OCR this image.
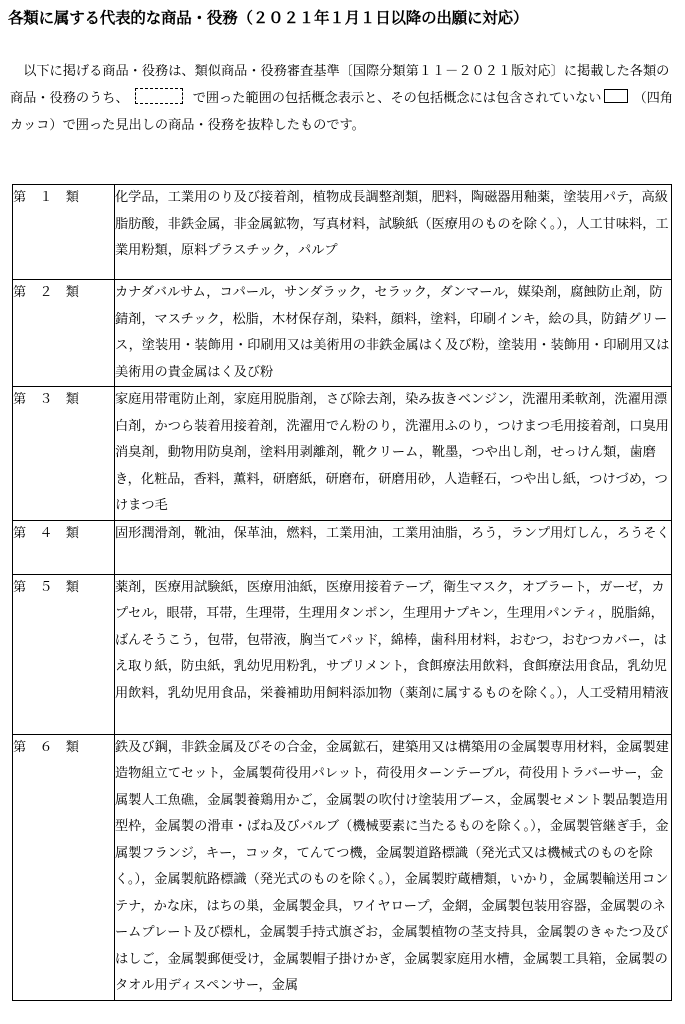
各類に属する代表的な商品・役務（２０２１年１月１日以降の出願に対応）
以下に掲げる商品・役務は、類似商品・役務審査基準〔国際分類第１１－２０２１版対応〕に掲載した各類の商品・役務のうち、	で囲った範囲の包括概念表示と、その包括概念には包含されていない （四角カッコ）で囲った見出しの商品・役務を抜粋したものです。
第　１　類	化学品，工業用のり及び接着剤，植物成長調整剤類，肥料，陶磁器用釉薬，塗装用パテ，高級脂肪酸，非鉄金属，非金属鉱物，写真材料，試験紙（医療用のものを除く。），人工甘味料，工業用粉類，原料プラスチック，パルプ
第　２　類	カナダバルサム，コパール，サンダラック，セラック，ダンマール，媒染剤，腐蝕防止剤，防錆剤，マスチック，松脂，木材保存剤，染料，顔料，塗料，印刷インキ，絵の具，防錆グリース，塗装用・装飾用・印刷用又は美術用の非鉄金属はく及び粉，塗装用・装飾用・印刷用又は美術用の貴金属はく及び粉
第　３　類	家庭用帯電防止剤，家庭用脱脂剤，さび除去剤，染み抜きベンジン，洗濯用柔軟剤，洗濯用漂白剤，かつら装着用接着剤，洗濯用でん粉のり，洗濯用ふのり，つけまつ毛用接着剤，口臭用消臭剤，動物用防臭剤，塗料用剥離剤，靴クリーム，靴墨，つや出し剤，せっけん類，歯磨き，化粧品，香料，薫料，研磨紙，研磨布，研磨用砂，人造軽石，つや出し紙，つけづめ，つけまつ毛
第　４　類	固形潤滑剤，靴油，保革油，燃料，工業用油，工業用油脂，ろう，ランプ用灯しん，ろうそく
第　５　類	薬剤，医療用試験紙，医療用油紙，医療用接着テープ，衛生マスク，オブラート，ガーゼ，カプセル，眼帯，耳帯，生理帯，生理用タンポン，生理用ナプキン，生理用パンティ，脱脂綿，ばんそうこう，包帯，包帯液，胸当てパッド，綿棒，歯科用材料，おむつ，おむつカバー，はえ取り紙，防虫紙，乳幼児用粉乳，サプリメント，食餌療法用飲料，食餌療法用食品，乳幼児用飲料，乳幼児用食品，栄養補助用飼料添加物（薬剤に属するものを除く。），人工受精用精液
第　６　類	鉄及び鋼，非鉄金属及びその合金，金属鉱石，建築用又は構築用の金属製専用材料，金属製建造物組立てセット，金属製荷役用パレット，荷役用ターンテーブル，荷役用トラバーサー，金属製人工魚礁，金属製養鶏用かご，金属製の吹付け塗装用ブース，金属製セメント製品製造用型枠，金属製の滑車・ばね及びバルブ（機械要素に当たるものを除く。），金属製管継ぎ手，金属製フランジ，キー，コッタ，てんてつ機，金属製道路標識（発光式又は機械式のものを除く。），金属製航路標識（発光式のものを除く。），金属製貯蔵槽類，いかり，金属製輸送用コンテナ，かな床，はちの巣，金属製金具，ワイヤロープ，金網，金属製包装用容器，金属製のネームプレート及び標札，金属製手持式旗ざお，金属製植物の茎支持具，金属製のきゃたつ及びはしご，金属製郵便受け，金属製帽子掛けかぎ，金属製家庭用水槽，金属製工具箱，金属製のタオル用ディスペンサー，金属
